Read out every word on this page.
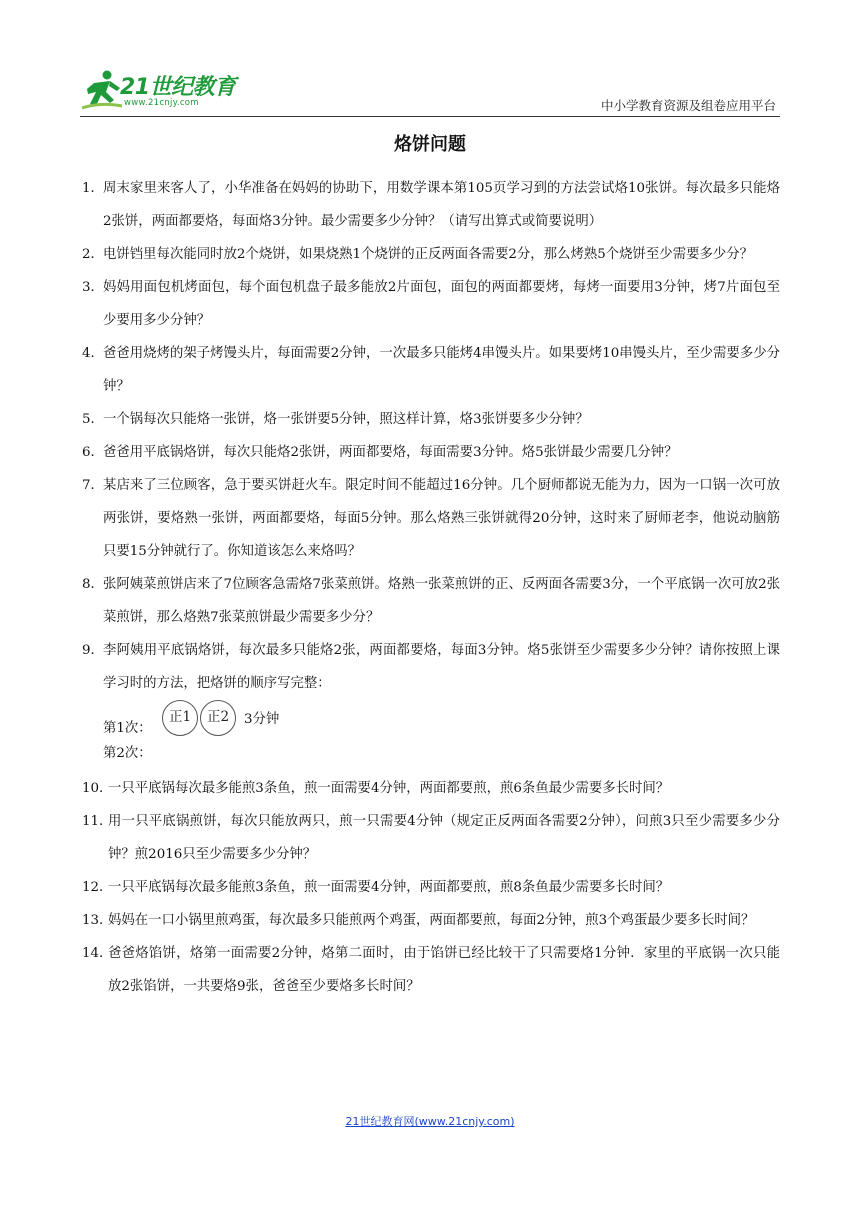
21世纪教育
www.21cnjy.com	中小学教育资源及组卷应用平台
烙饼问题
1． 周末家里来客人了，小华准备在妈妈的协助下，用数学课本第105页学习到的方法尝试烙10张饼。每次最多只能烙2张饼，两面都要烙，每面烙3分钟。最少需要多少分钟？（请写出算式或简要说明）
2． 电饼铛里每次能同时放2个烧饼，如果烧熟1个烧饼的正反两面各需要2分，那么烤熟5个烧饼至少需要多少分？
3． 妈妈用面包机烤面包，每个面包机盘子最多能放2片面包，面包的两面都要烤，每烤一面要用3分钟，烤7片面包至少要用多少分钟？
4． 爸爸用烧烤的架子烤馒头片，每面需要2分钟，一次最多只能烤4串馒头片。如果要烤10串馒头片，至少需要多少分钟？
5． 一个锅每次只能烙一张饼，烙一张饼要5分钟，照这样计算，烙3张饼要多少分钟？
6． 爸爸用平底锅烙饼，每次只能烙2张饼，两面都要烙，每面需要3分钟。烙5张饼最少需要几分钟？
7． 某店来了三位顾客，急于要买饼赶火车。限定时间不能超过16分钟。几个厨师都说无能为力，因为一口锅一次可放两张饼，要烙熟一张饼，两面都要烙，每面5分钟。那么烙熟三张饼就得20分钟，这时来了厨师老李，他说动脑筋只要15分钟就行了。你知道该怎么来烙吗？
8． 张阿姨菜煎饼店来了7位顾客急需烙7张菜煎饼。烙熟一张菜煎饼的正、反两面各需要3分，一个平底锅一次可放2张菜煎饼，那么烙熟7张菜煎饼最少需要多少分？
9． 李阿姨用平底锅烙饼，每次最多只能烙2张，两面都要烙，每面3分钟。烙5张饼至少需要多少分钟？请你按照上课学习时的方法，把烙饼的顺序写完整：
第1次：
正1	正2	3分钟
第2次：
10．
一只平底锅每次最多能煎3条鱼，煎一面需要4分钟，两面都要煎，煎6条鱼最少需要多长时间？
11．
用一只平底锅煎饼，每次只能放两只，煎一只需要4分钟（规定正反两面各需要2分钟），问煎3只至少需要多少分钟？煎2016只至少需要多少分钟？
12．
一只平底锅每次最多能煎3条鱼，煎一面需要4分钟，两面都要煎，煎8条鱼最少需要多长时间？
13．
妈妈在一口小锅里煎鸡蛋，每次最多只能煎两个鸡蛋，两面都要煎，每面2分钟，煎3个鸡蛋最少要多长时间？
14．
爸爸烙馅饼，烙第一面需要2分钟，烙第二面时，由于馅饼已经比较干了只需要烙1分钟．家里的平底锅一次只能放2张馅饼，一共要烙9张，爸爸至少要烙多长时间？
21世纪教育网(www.21cnjy.com)
